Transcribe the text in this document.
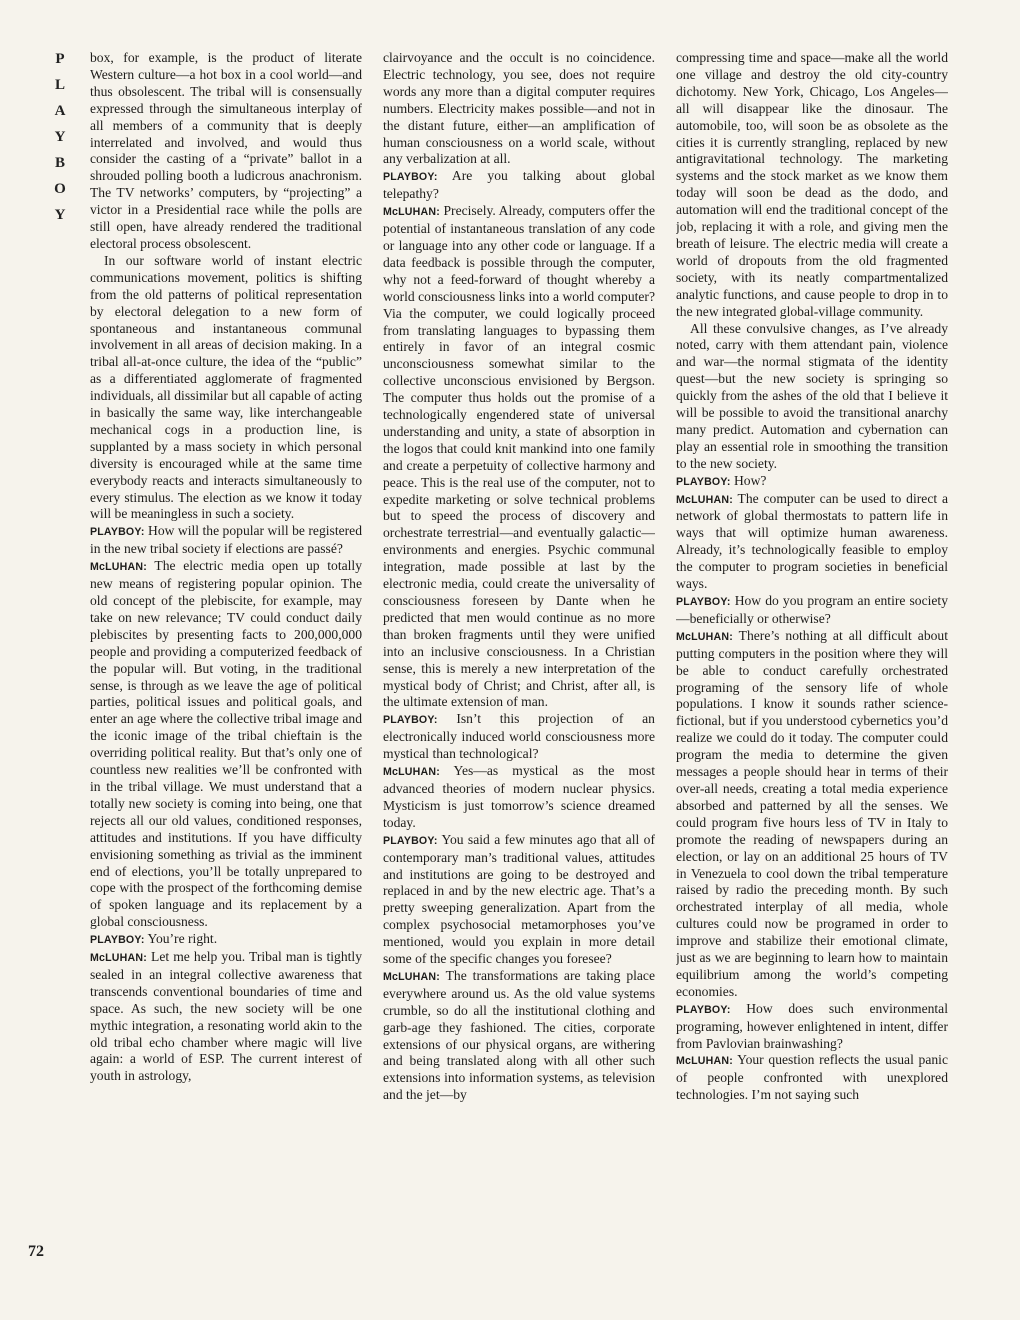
P
L
A
Y
B
O
Y

box, for example, is the product of literate Western culture—a hot box in a cool world—and thus obsolescent. The tribal will is consensually expressed through the simultaneous interplay of all members of a community that is deeply interrelated and involved, and would thus consider the casting of a “private” ballot in a shrouded polling booth a ludicrous anachronism. The TV networks’ computers, by “projecting” a victor in a Presidential race while the polls are still open, have already rendered the traditional electoral process obsolescent.

In our software world of instant electric communications movement, politics is shifting from the old patterns of political representation by electoral delegation to a new form of spontaneous and instantaneous communal involvement in all areas of decision making. In a tribal all-at-once culture, the idea of the “public” as a differentiated agglomerate of fragmented individuals, all dissimilar but all capable of acting in basically the same way, like interchangeable mechanical cogs in a production line, is supplanted by a mass society in which personal diversity is encouraged while at the same time everybody reacts and interacts simultaneously to every stimulus. The election as we know it today will be meaningless in such a society.

PLAYBOY: How will the popular will be registered in the new tribal society if elections are passé?

McLUHAN: The electric media open up totally new means of registering popular opinion. The old concept of the plebiscite, for example, may take on new relevance; TV could conduct daily plebiscites by presenting facts to 200,000,000 people and providing a computerized feedback of the popular will. But voting, in the traditional sense, is through as we leave the age of political parties, political issues and political goals, and enter an age where the collective tribal image and the iconic image of the tribal chieftain is the overriding political reality. But that’s only one of countless new realities we’ll be confronted with in the tribal village. We must understand that a totally new society is coming into being, one that rejects all our old values, conditioned responses, attitudes and institutions. If you have difficulty envisioning something as trivial as the imminent end of elections, you’ll be totally unprepared to cope with the prospect of the forthcoming demise of spoken language and its replacement by a global consciousness.

PLAYBOY: You’re right.

McLUHAN: Let me help you. Tribal man is tightly sealed in an integral collective awareness that transcends conventional boundaries of time and space. As such, the new society will be one mythic integration, a resonating world akin to the old tribal echo chamber where magic will live again: a world of ESP. The current interest of youth in astrology,

clairvoyance and the occult is no coincidence. Electric technology, you see, does not require words any more than a digital computer requires numbers. Electricity makes possible—and not in the distant future, either—an amplification of human consciousness on a world scale, without any verbalization at all.

PLAYBOY: Are you talking about global telepathy?

McLUHAN: Precisely. Already, computers offer the potential of instantaneous translation of any code or language into any other code or language. If a data feedback is possible through the computer, why not a feed-forward of thought whereby a world consciousness links into a world computer? Via the computer, we could logically proceed from translating languages to bypassing them entirely in favor of an integral cosmic unconsciousness somewhat similar to the collective unconscious envisioned by Bergson. The computer thus holds out the promise of a technologically engendered state of universal understanding and unity, a state of absorption in the logos that could knit mankind into one family and create a perpetuity of collective harmony and peace. This is the real use of the computer, not to expedite marketing or solve technical problems but to speed the process of discovery and orchestrate terrestrial—and eventually galactic—environments and energies. Psychic communal integration, made possible at last by the electronic media, could create the universality of consciousness foreseen by Dante when he predicted that men would continue as no more than broken fragments until they were unified into an inclusive consciousness. In a Christian sense, this is merely a new interpretation of the mystical body of Christ; and Christ, after all, is the ultimate extension of man.

PLAYBOY: Isn’t this projection of an electronically induced world consciousness more mystical than technological?

McLUHAN: Yes—as mystical as the most advanced theories of modern nuclear physics. Mysticism is just tomorrow’s science dreamed today.

PLAYBOY: You said a few minutes ago that all of contemporary man’s traditional values, attitudes and institutions are going to be destroyed and replaced in and by the new electric age. That’s a pretty sweeping generalization. Apart from the complex psychosocial metamorphoses you’ve mentioned, would you explain in more detail some of the specific changes you foresee?

McLUHAN: The transformations are taking place everywhere around us. As the old value systems crumble, so do all the institutional clothing and garb-age they fashioned. The cities, corporate extensions of our physical organs, are withering and being translated along with all other such extensions into information systems, as television and the jet—by

compressing time and space—make all the world one village and destroy the old city-country dichotomy. New York, Chicago, Los Angeles—all will disappear like the dinosaur. The automobile, too, will soon be as obsolete as the cities it is currently strangling, replaced by new antigravitational technology. The marketing systems and the stock market as we know them today will soon be dead as the dodo, and automation will end the traditional concept of the job, replacing it with a role, and giving men the breath of leisure. The electric media will create a world of dropouts from the old fragmented society, with its neatly compartmentalized analytic functions, and cause people to drop in to the new integrated global-village community.

All these convulsive changes, as I’ve already noted, carry with them attendant pain, violence and war—the normal stigmata of the identity quest—but the new society is springing so quickly from the ashes of the old that I believe it will be possible to avoid the transitional anarchy many predict. Automation and cybernation can play an essential role in smoothing the transition to the new society.

PLAYBOY: How?

McLUHAN: The computer can be used to direct a network of global thermostats to pattern life in ways that will optimize human awareness. Already, it’s technologically feasible to employ the computer to program societies in beneficial ways.

PLAYBOY: How do you program an entire society—beneficially or otherwise?

McLUHAN: There’s nothing at all difficult about putting computers in the position where they will be able to conduct carefully orchestrated programing of the sensory life of whole populations. I know it sounds rather science-fictional, but if you understood cybernetics you’d realize we could do it today. The computer could program the media to determine the given messages a people should hear in terms of their over-all needs, creating a total media experience absorbed and patterned by all the senses. We could program five hours less of TV in Italy to promote the reading of newspapers during an election, or lay on an additional 25 hours of TV in Venezuela to cool down the tribal temperature raised by radio the preceding month. By such orchestrated interplay of all media, whole cultures could now be programed in order to improve and stabilize their emotional climate, just as we are beginning to learn how to maintain equilibrium among the world’s competing economies.

PLAYBOY: How does such environmental programing, however enlightened in intent, differ from Pavlovian brainwashing?

McLUHAN: Your question reflects the usual panic of people confronted with unexplored technologies. I’m not saying such

72
